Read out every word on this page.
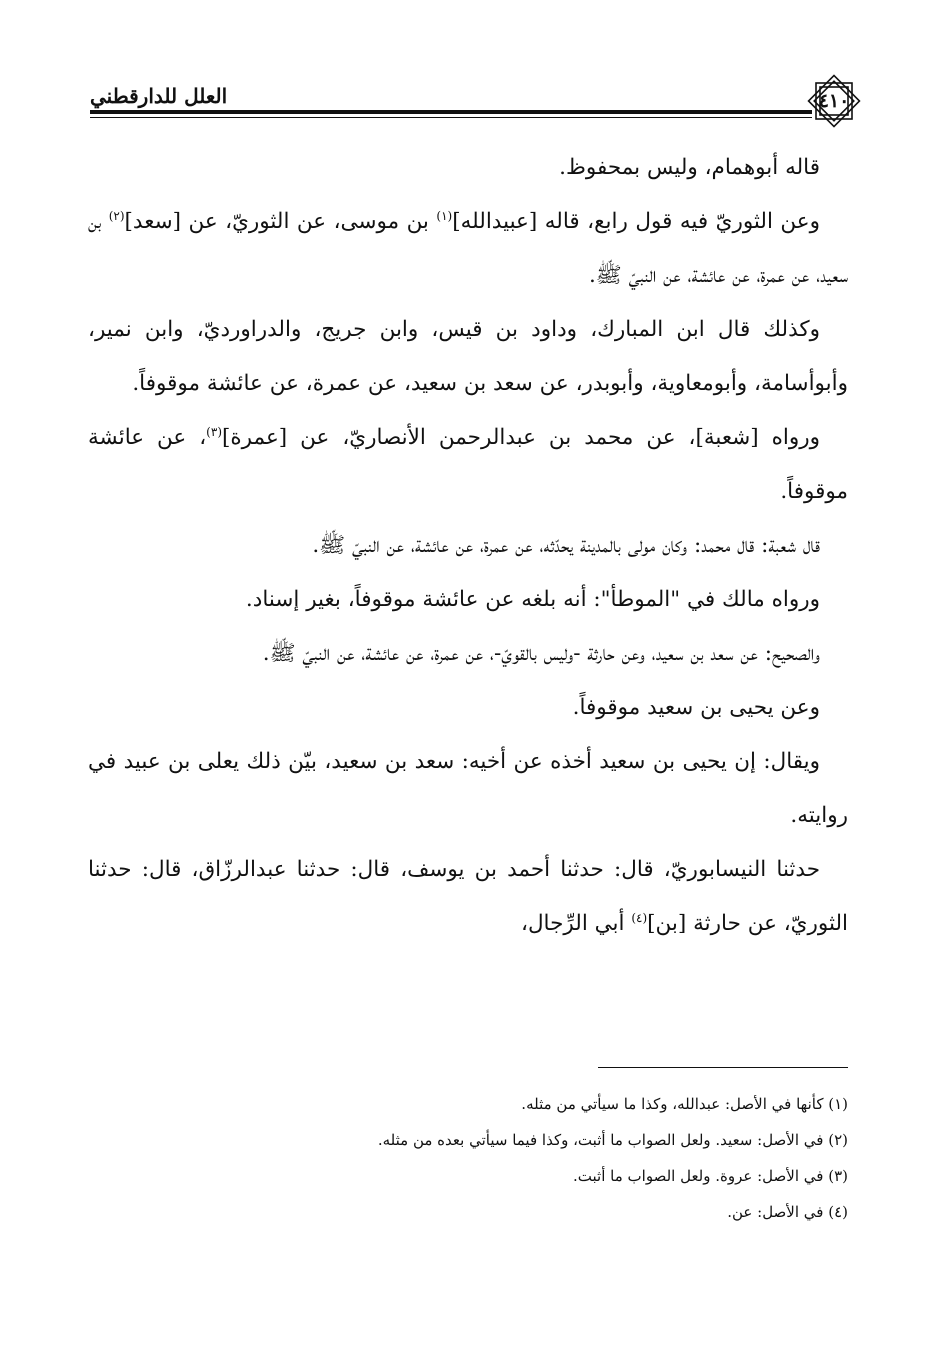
٤١٠
العلل للدارقطني

قاله أبوهمام، وليس بمحفوظ.

وعن الثوريّ فيه قول رابع، قاله [عبيدالله]$^{(١)}$ بن موسى، عن الثوريّ، عن [سعد]$^{(٢)}$ بن سعيد، عن عمرة، عن عائشة، عن النبيّ ﷺ.

وكذلك قال ابن المبارك، وداود بن قيس، وابن جريج، والدراورديّ، وابن نمير، وأبوأسامة، وأبومعاوية، وأبوبدر، عن سعد بن سعيد، عن عمرة، عن عائشة موقوفاً.

ورواه [شعبة]، عن محمد بن عبدالرحمن الأنصاريّ، عن [عمرة]$^{(٣)}$، عن عائشة موقوفاً.

قال شعبة: قال محمد: وكان مولى بالمدينة يحدّثه، عن عمرة، عن عائشة، عن النبيّ ﷺ.

ورواه مالك في "الموطأ": أنه بلغه عن عائشة موقوفاً، بغير إسناد.

والصحيح: عن سعد بن سعيد، وعن حارثة -وليس بالقويّ-، عن عمرة، عن عائشة، عن النبيّ ﷺ.

وعن يحيى بن سعيد موقوفاً.

ويقال: إن يحيى بن سعيد أخذه عن أخيه: سعد بن سعيد، بيّن ذلك يعلى بن عبيد في روايته.

حدثنا النيسابوريّ، قال: حدثنا أحمد بن يوسف، قال: حدثنا عبدالرزّاق، قال: حدثنا الثوريّ، عن حارثة [بن]$^{(٤)}$ أبي الرِّجال،

(١) كأنها في الأصل: عبدالله، وكذا ما سيأتي من مثله.

(٢) في الأصل: سعيد. ولعل الصواب ما أثبت، وكذا فيما سيأتي بعده من مثله.

(٣) في الأصل: عروة. ولعل الصواب ما أثبت.

(٤) في الأصل: عن.
